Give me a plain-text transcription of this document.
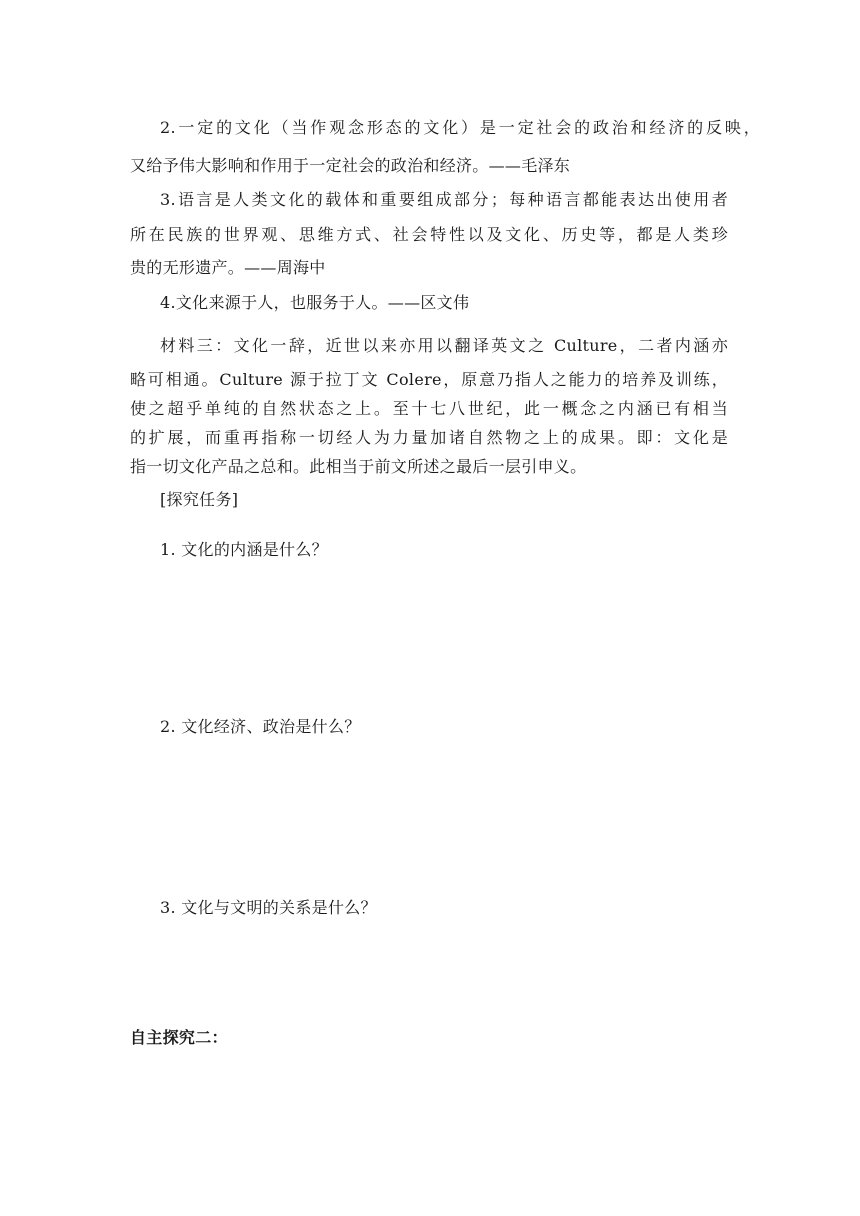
2.一定的文化（当作观念形态的文化）是一定社会的政治和经济的反映，
又给予伟大影响和作用于一定社会的政治和经济。——毛泽东
3.语言是人类文化的载体和重要组成部分；每种语言都能表达出使用者
所在民族的世界观、思维方式、社会特性以及文化、历史等，都是人类珍
贵的无形遗产。——周海中
4.文化来源于人，也服务于人。——区文伟
材料三：文化一辞，近世以来亦用以翻译英文之 Culture，二者内涵亦
略可相通。Culture 源于拉丁文 Colere，原意乃指人之能力的培养及训练，
使之超乎单纯的自然状态之上。至十七八世纪，此一概念之内涵已有相当
的扩展，而重再指称一切经人为力量加诸自然物之上的成果。即：文化是
指一切文化产品之总和。此相当于前文所述之最后一层引申义。
[探究任务]
1. 文化的内涵是什么？
2. 文化经济、政治是什么？
3. 文化与文明的关系是什么？
自主探究二：
